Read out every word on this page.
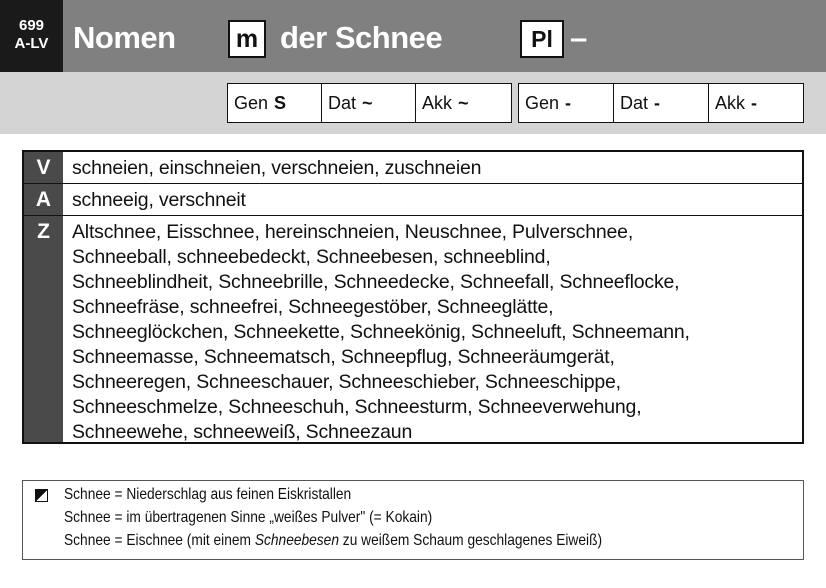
699
A-LV Nomen	m der Schnee	Pl –
Gen S	Dat ~	Akk ~	Gen -	Dat -	Akk -
V	schneien, einschneien, verschneien, zuschneien
A	schneeig, verschneit
Z	Altschnee, Eisschnee, hereinschneien, Neuschnee, Pulverschnee,
Schneeball, schneebedeckt, Schneebesen, schneeblind,
Schneeblindheit, Schneebrille, Schneedecke, Schneefall, Schneeflocke,
Schneefräse, schneefrei, Schneegestöber, Schneeglätte,
Schneeglöckchen, Schneekette, Schneekönig, Schneeluft, Schneemann,
Schneemasse, Schneematsch, Schneepflug, Schneeräumgerät,
Schneeregen, Schneeschauer, Schneeschieber, Schneeschippe,
Schneeschmelze, Schneeschuh, Schneesturm, Schneeverwehung,
Schneewehe, schneeweiß, Schneezaun
Schnee = Niederschlag aus feinen Eiskristallen
Schnee = im übertragenen Sinne „weißes Pulver" (= Kokain)
Schnee = Eischnee (mit einem Schneebesen zu weißem Schaum geschlagenes Eiweiß)
